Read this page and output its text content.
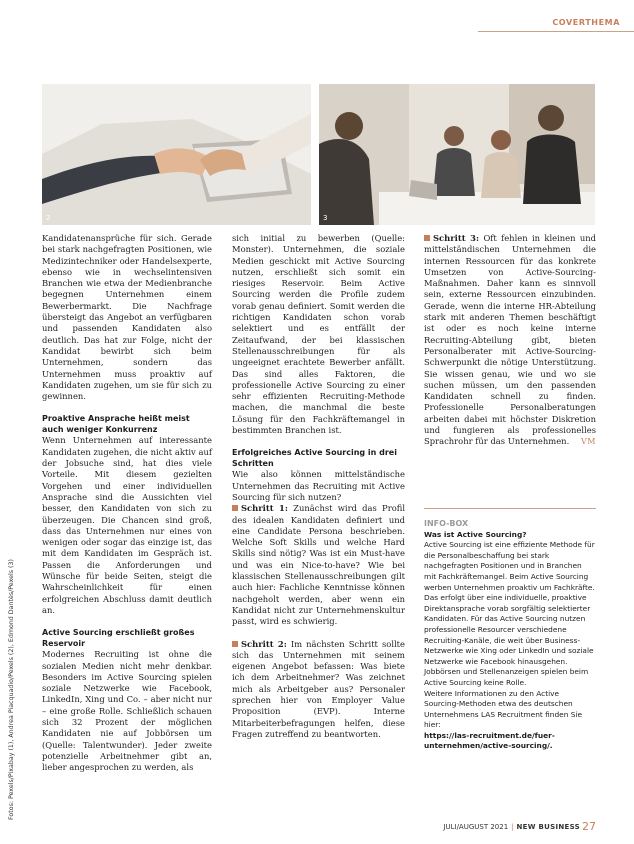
COVERTHEMA
2	3
Fotos: Pexels/Pixabay (1), Andrea Piacquadio/Pexels (2), Edmond Dantès/Pexels (3)

Kandidatenansprüche für sich. Gerade bei stark nachgefragten Positionen, wie Medizintechniker oder Handelsexperte, ebenso wie in wechselintensiven Branchen wie etwa der Medienbranche begegnen Unternehmen einem Bewerbermarkt. Die Nachfrage übersteigt das Angebot an verfügbaren und passenden Kandidaten also deutlich. Das hat zur Folge, nicht der Kandidat bewirbt sich beim Unternehmen, sondern das Unternehmen muss proaktiv auf Kandidaten zugehen, um sie für sich zu gewinnen.

Proaktive Ansprache heißt meist auch weniger Konkurrenz

Wenn Unternehmen auf interessante Kandidaten zugehen, die nicht aktiv auf der Jobsuche sind, hat dies viele Vorteile. Mit diesem gezielten Vorgehen und einer individuellen Ansprache sind die Aussichten viel besser, den Kandidaten von sich zu überzeugen. Die Chancen sind groß, dass das Unternehmen nur eines von wenigen oder sogar das einzige ist, das mit dem Kandidaten im Gespräch ist. Passen die Anforderungen und Wünsche für beide Seiten, steigt die Wahrscheinlichkeit für einen erfolgreichen Abschluss damit deutlich an.

Active Sourcing erschließt großes Reservoir

Modernes Recruiting ist ohne die sozialen Medien nicht mehr denkbar. Besonders im Active Sourcing spielen soziale Netzwerke wie Facebook, LinkedIn, Xing und Co. – aber nicht nur – eine große Rolle. Schließlich schauen sich 32 Prozent der möglichen Kandidaten nie auf Jobbörsen um (Quelle: Talentwunder). Jeder zweite potenzielle Arbeitnehmer gibt an, lieber angesprochen zu werden, als

sich initial zu bewerben (Quelle: Monster). Unternehmen, die soziale Medien geschickt mit Active Sourcing nutzen, erschließt sich somit ein riesiges Reservoir. Beim Active Sourcing werden die Profile zudem vorab genau definiert. Somit werden die richtigen Kandidaten schon vorab selektiert und es entfällt der Zeitaufwand, der bei klassischen Stellenausschreibungen für als ungeeignet erachtete Bewerber anfällt. Das sind alles Faktoren, die professionelle Active Sourcing zu einer sehr effizienten Recruiting-Methode machen, die manchmal die beste Lösung für den Fachkräftemangel in bestimmten Branchen ist.

Erfolgreiches Active Sourcing in drei Schritten

Wie also können mittelständische Unternehmen das Recruiting mit Active Sourcing für sich nutzen?

Schritt 1: Zunächst wird das Profil des idealen Kandidaten definiert und eine Candidate Persona beschrieben. Welche Soft Skills und welche Hard Skills sind nötig? Was ist ein Must-have und was ein Nice-to-have? Wie bei klassischen Stellenausschreibungen gilt auch hier: Fachliche Kenntnisse können nachgeholt werden, aber wenn ein Kandidat nicht zur Unternehmenskultur passt, wird es schwierig.

Schritt 2: Im nächsten Schritt sollte sich das Unternehmen mit seinem eigenen Angebot befassen: Was biete ich dem Arbeitnehmer? Was zeichnet mich als Arbeitgeber aus? Personaler sprechen hier von Employer Value Proposition (EVP). Interne Mitarbeiterbefragungen helfen, diese Fragen zutreffend zu beantworten.

Schritt 3: Oft fehlen in kleinen und mittelständischen Unternehmen die internen Ressourcen für das konkrete Umsetzen von Active-Sourcing-Maßnahmen. Daher kann es sinnvoll sein, externe Ressourcen einzubinden. Gerade, wenn die interne HR-Abteilung stark mit anderen Themen beschäftigt ist oder es noch keine interne Recruiting-Abteilung gibt, bieten Personalberater mit Active-Sourcing-Schwerpunkt die nötige Unterstützung. Sie wissen genau, wie und wo sie suchen müssen, um den passenden Kandidaten schnell zu finden. Professionelle Personalberatungen arbeiten dabei mit höchster Diskretion und fungieren als professionelles Sprachrohr für das Unternehmen. VM

INFO-BOX

Was ist Active Sourcing?

Active Sourcing ist eine effiziente Methode für die Personalbeschaffung bei stark nachgefragten Positionen und in Branchen mit Fachkräftemangel. Beim Active Sourcing werben Unternehmen proaktiv um Fachkräfte. Das erfolgt über eine individuelle, proaktive Direktansprache vorab sorgfältig selektierter Kandidaten. Für das Active Sourcing nutzen professionelle Resourcer verschiedene Recruiting-Kanäle, die weit über Business-Netzwerke wie Xing oder LinkedIn und soziale Netzwerke wie Facebook hinausgehen. Jobbörsen und Stellenanzeigen spielen beim Active Sourcing keine Rolle.

Weitere Informationen zu den Active Sourcing-Methoden etwa des deutschen Unternehmens LAS Recruitment finden Sie hier:

https://las-recruitment.de/fuer-unternehmen/active-sourcing/.

JULI/AUGUST 2021 | NEW BUSINESS 27
